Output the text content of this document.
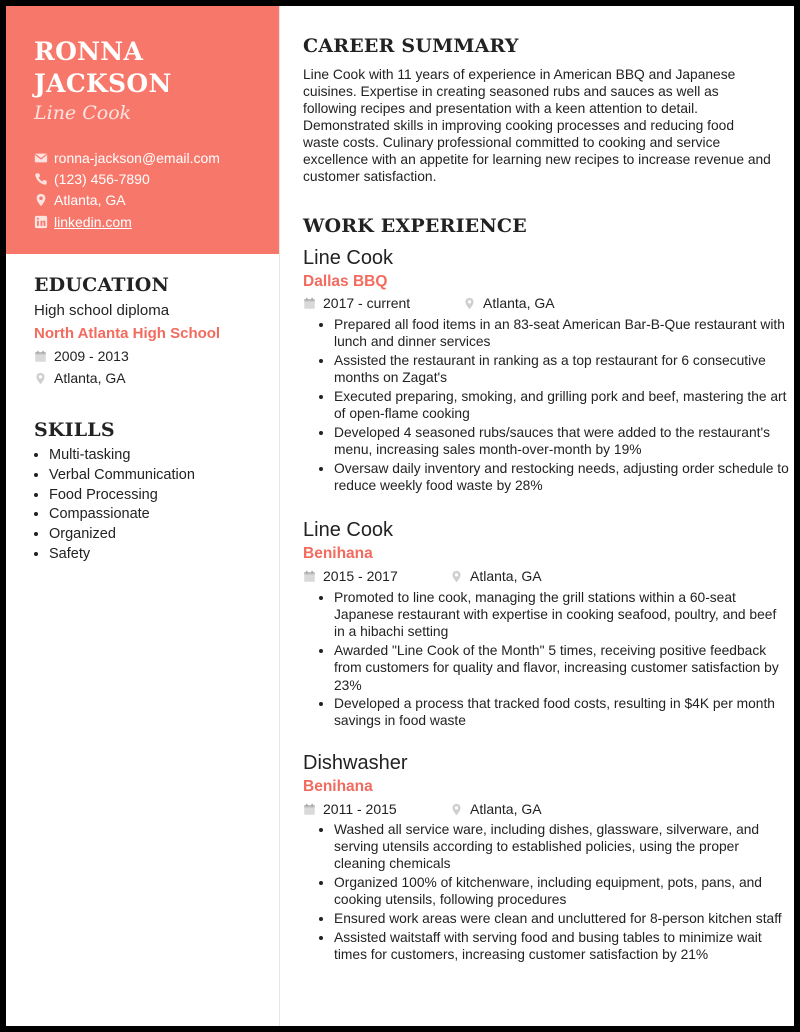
RONNA
JACKSON
Line Cook
ronna-jackson@email.com
(123) 456-7890
Atlanta, GA
linkedin.com
EDUCATION
High school diploma
North Atlanta High School
2009 - 2013
Atlanta, GA
SKILLS
• Multi-tasking
• Verbal Communication
• Food Processing
• Compassionate
• Organized
• Safety
CAREER SUMMARY
Line Cook with 11 years of experience in American BBQ and Japanese cuisines. Expertise in creating seasoned rubs and sauces as well as following recipes and presentation with a keen attention to detail. Demonstrated skills in improving cooking processes and reducing food waste costs. Culinary professional committed to cooking and service excellence with an appetite for learning new recipes to increase revenue and customer satisfaction.
WORK EXPERIENCE
Line Cook
Dallas BBQ
2017 - current	Atlanta, GA
• Prepared all food items in an 83-seat American Bar-B-Que restaurant with lunch and dinner services
• Assisted the restaurant in ranking as a top restaurant for 6 consecutive months on Zagat's
• Executed preparing, smoking, and grilling pork and beef, mastering the art of open-flame cooking
• Developed 4 seasoned rubs/sauces that were added to the restaurant's menu, increasing sales month-over-month by 19%
• Oversaw daily inventory and restocking needs, adjusting order schedule to reduce weekly food waste by 28%
Line Cook
Benihana
2015 - 2017	Atlanta, GA
• Promoted to line cook, managing the grill stations within a 60-seat Japanese restaurant with expertise in cooking seafood, poultry, and beef in a hibachi setting
• Awarded "Line Cook of the Month" 5 times, receiving positive feedback from customers for quality and flavor, increasing customer satisfaction by 23%
• Developed a process that tracked food costs, resulting in $4K per month savings in food waste
Dishwasher
Benihana
2011 - 2015	Atlanta, GA
• Washed all service ware, including dishes, glassware, silverware, and serving utensils according to established policies, using the proper cleaning chemicals
• Organized 100% of kitchenware, including equipment, pots, pans, and cooking utensils, following procedures
• Ensured work areas were clean and uncluttered for 8-person kitchen staff
• Assisted waitstaff with serving food and busing tables to minimize wait times for customers, increasing customer satisfaction by 21%
